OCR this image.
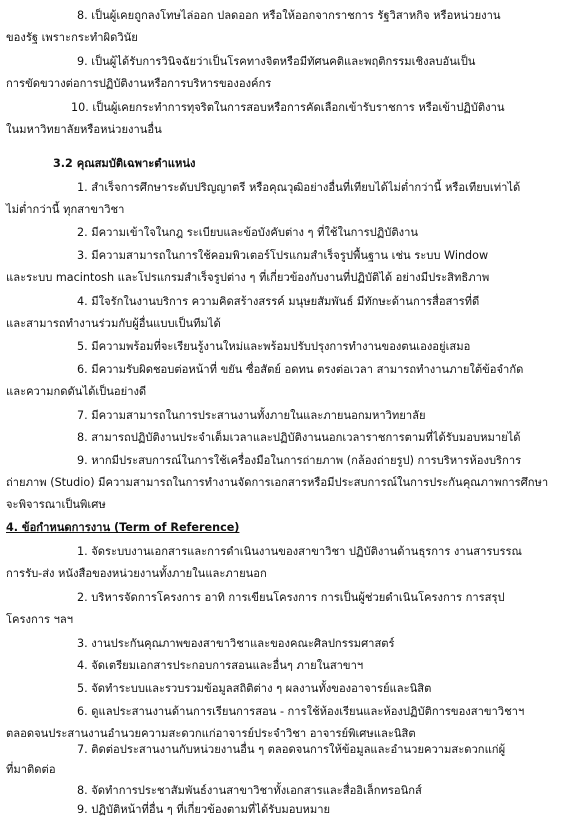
8. เป็นผู้เคยถูกลงโทษไล่ออก ปลดออก หรือให้ออกจากราชการ รัฐวิสาหกิจ หรือหน่วยงาน
ของรัฐ เพราะกระทำผิดวินัย
9. เป็นผู้ได้รับการวินิจฉัยว่าเป็นโรคทางจิตหรือมีทัศนคติและพฤติกรรมเชิงลบอันเป็น
การขัดขวางต่อการปฏิบัติงานหรือการบริหารขององค์กร
10. เป็นผู้เคยกระทำการทุจริตในการสอบหรือการคัดเลือกเข้ารับราชการ หรือเข้าปฏิบัติงาน
ในมหาวิทยาลัยหรือหน่วยงานอื่น
3.2 คุณสมบัติเฉพาะตำแหน่ง
1. สำเร็จการศึกษาระดับปริญญาตรี หรือคุณวุฒิอย่างอื่นที่เทียบได้ไม่ต่ำกว่านี้ หรือเทียบเท่าได้
ไม่ต่ำกว่านี้ ทุกสาขาวิชา
2. มีความเข้าใจในกฎ ระเบียบและข้อบังคับต่าง ๆ ที่ใช้ในการปฏิบัติงาน
3. มีความสามารถในการใช้คอมพิวเตอร์โปรแกมสำเร็จรูปพื้นฐาน เช่น ระบบ Window
และระบบ macintosh และโปรแกรมสำเร็จรูปต่าง ๆ ที่เกี่ยวข้องกับงานที่ปฏิบัติได้ อย่างมีประสิทธิภาพ
4. มีใจรักในงานบริการ ความคิดสร้างสรรค์ มนุษยสัมพันธ์ มีทักษะด้านการสื่อสารที่ดี
และสามารถทำงานร่วมกับผู้อื่นแบบเป็นทีมได้
5. มีความพร้อมที่จะเรียนรู้งานใหม่และพร้อมปรับปรุงการทำงานของตนเองอยู่เสมอ
6. มีความรับผิดชอบต่อหน้าที่ ขยัน ซื่อสัตย์ อดทน ตรงต่อเวลา สามารถทำงานภายใต้ข้อจำกัด
และความกดดันได้เป็นอย่างดี
7. มีความสามารถในการประสานงานทั้งภายในและภายนอกมหาวิทยาลัย
8. สามารถปฏิบัติงานประจำเต็มเวลาและปฏิบัติงานนอกเวลาราชการตามที่ได้รับมอบหมายได้
9. หากมีประสบการณ์ในการใช้เครื่องมือในการถ่ายภาพ (กล้องถ่ายรูป) การบริหารห้องบริการ
ถ่ายภาพ (Studio) มีความสามารถในการทำงานจัดการเอกสารหรือมีประสบการณ์ในการประกันคุณภาพการศึกษา
จะพิจารณาเป็นพิเศษ
4. ข้อกำหนดการงาน (Term of Reference)
1. จัดระบบงานเอกสารและการดำเนินงานของสาขาวิชา ปฏิบัติงานด้านธุรการ งานสารบรรณ
การรับ-ส่ง หนังสือของหน่วยงานทั้งภายในและภายนอก
2. บริหารจัดการโครงการ อาทิ การเขียนโครงการ การเป็นผู้ช่วยดำเนินโครงการ การสรุป
โครงการ ฯลฯ
3. งานประกันคุณภาพของสาขาวิชาและของคณะศิลปกรรมศาสตร์
4. จัดเตรียมเอกสารประกอบการสอนและอื่นๆ ภายในสาขาฯ
5. จัดทำระบบและรวบรวมข้อมูลสถิติต่าง ๆ ผลงานทั้งของอาจารย์และนิสิต
6. ดูแลประสานงานด้านการเรียนการสอน - การใช้ห้องเรียนและห้องปฏิบัติการของสาขาวิชาฯ
ตลอดจนประสานงานอำนวยความสะดวกแก่อาจารย์ประจำวิชา อาจารย์พิเศษและนิสิต
7. ติดต่อประสานงานกับหน่วยงานอื่น ๆ ตลอดจนการให้ข้อมูลและอำนวยความสะดวกแก่ผู้
ที่มาติดต่อ
8. จัดทำการประชาสัมพันธ์งานสาขาวิชาทั้งเอกสารและสื่ออิเล็กทรอนิกส์
9. ปฏิบัติหน้าที่อื่น ๆ ที่เกี่ยวข้องตามที่ได้รับมอบหมาย
